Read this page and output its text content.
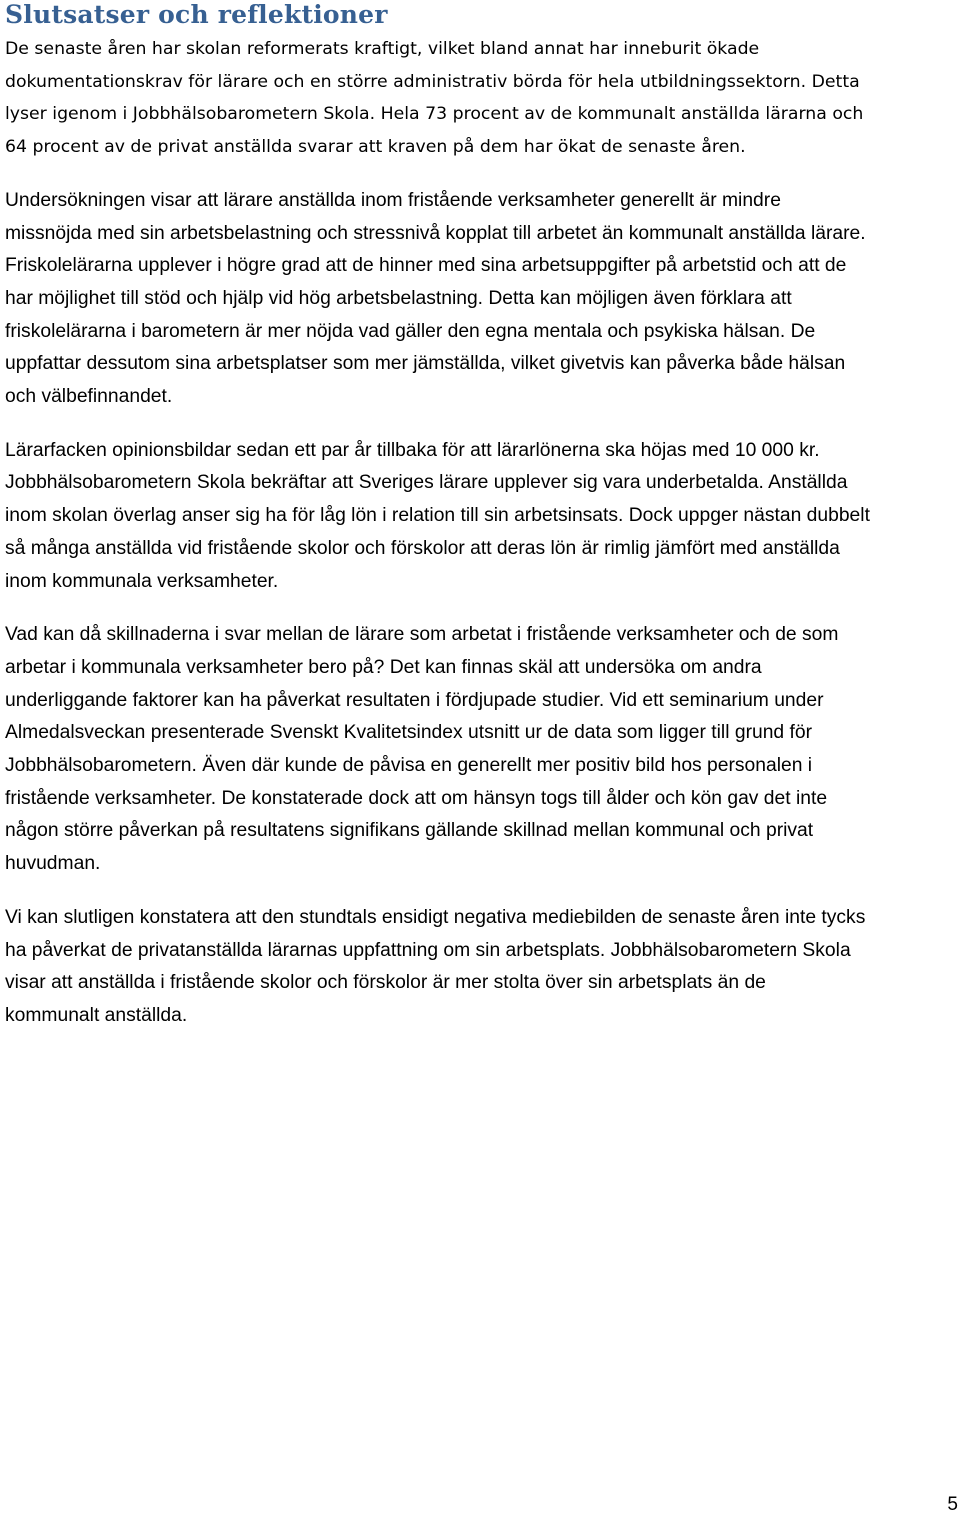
Slutsatser och reflektioner

De senaste åren har skolan reformerats kraftigt, vilket bland annat har inneburit ökade
dokumentationskrav för lärare och en större administrativ börda för hela utbildningssektorn. Detta
lyser igenom i Jobbhälsobarometern Skola. Hela 73 procent av de kommunalt anställda lärarna och
64 procent av de privat anställda svarar att kraven på dem har ökat de senaste åren.

Undersökningen visar att lärare anställda inom fristående verksamheter generellt är mindre
missnöjda med sin arbetsbelastning och stressnivå kopplat till arbetet än kommunalt anställda lärare.
Friskolelärarna upplever i högre grad att de hinner med sina arbetsuppgifter på arbetstid och att de
har möjlighet till stöd och hjälp vid hög arbetsbelastning. Detta kan möjligen även förklara att
friskolelärarna i barometern är mer nöjda vad gäller den egna mentala och psykiska hälsan. De
uppfattar dessutom sina arbetsplatser som mer jämställda, vilket givetvis kan påverka både hälsan
och välbefinnandet.

Lärarfacken opinionsbildar sedan ett par år tillbaka för att lärarlönerna ska höjas med 10 000 kr.
Jobbhälsobarometern Skola bekräftar att Sveriges lärare upplever sig vara underbetalda. Anställda
inom skolan överlag anser sig ha för låg lön i relation till sin arbetsinsats. Dock uppger nästan dubbelt
så många anställda vid fristående skolor och förskolor att deras lön är rimlig jämfört med anställda
inom kommunala verksamheter.

Vad kan då skillnaderna i svar mellan de lärare som arbetat i fristående verksamheter och de som
arbetar i kommunala verksamheter bero på? Det kan finnas skäl att undersöka om andra
underliggande faktorer kan ha påverkat resultaten i fördjupade studier. Vid ett seminarium under
Almedalsveckan presenterade Svenskt Kvalitetsindex utsnitt ur de data som ligger till grund för
Jobbhälsobarometern. Även där kunde de påvisa en generellt mer positiv bild hos personalen i
fristående verksamheter. De konstaterade dock att om hänsyn togs till ålder och kön gav det inte
någon större påverkan på resultatens signifikans gällande skillnad mellan kommunal och privat
huvudman.

Vi kan slutligen konstatera att den stundtals ensidigt negativa mediebilden de senaste åren inte tycks
ha påverkat de privatanställda lärarnas uppfattning om sin arbetsplats. Jobbhälsobarometern Skola
visar att anställda i fristående skolor och förskolor är mer stolta över sin arbetsplats än de
kommunalt anställda.

5
